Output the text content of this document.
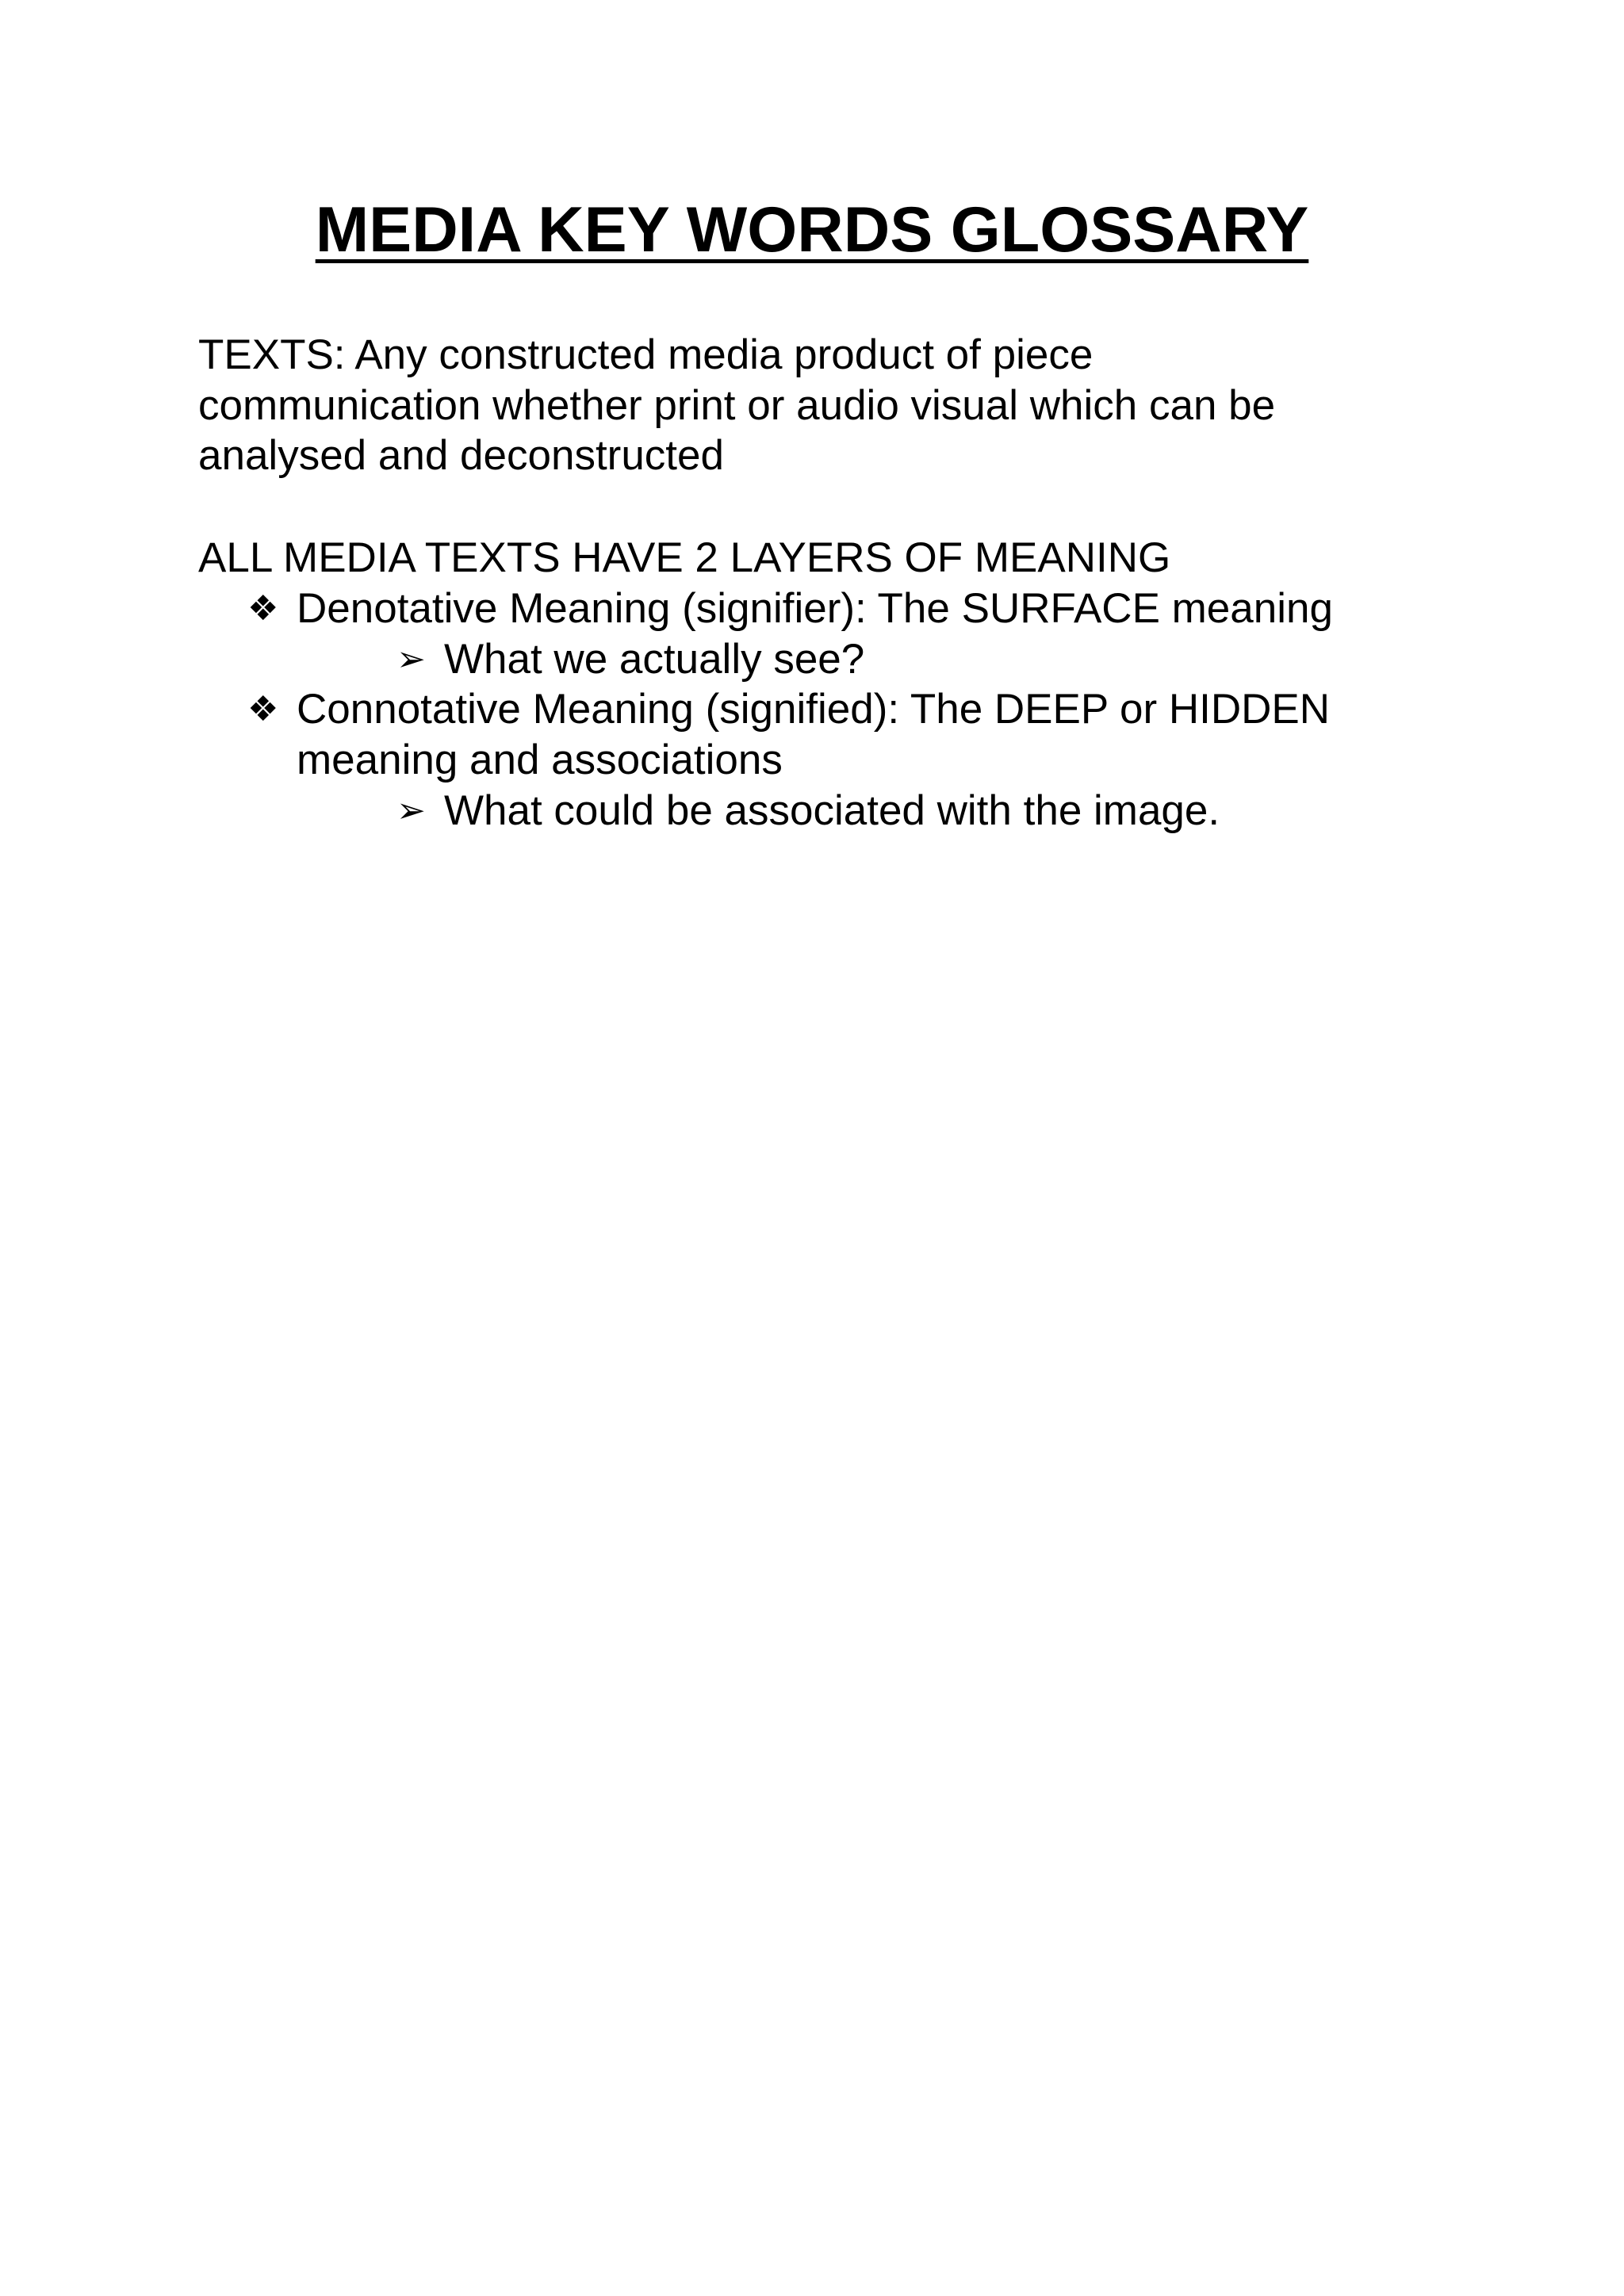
MEDIA KEY WORDS GLOSSARY

TEXTS: Any constructed media product of piece

communication whether print or audio visual which can be

analysed and deconstructed

ALL MEDIA TEXTS HAVE 2 LAYERS OF MEANING

❖ Denotative Meaning (signifier): The SURFACE meaning

➢ What we actually see?

❖ Connotative Meaning (signified): The DEEP or HIDDEN

meaning and associations

➢ What could be associated with the image.
